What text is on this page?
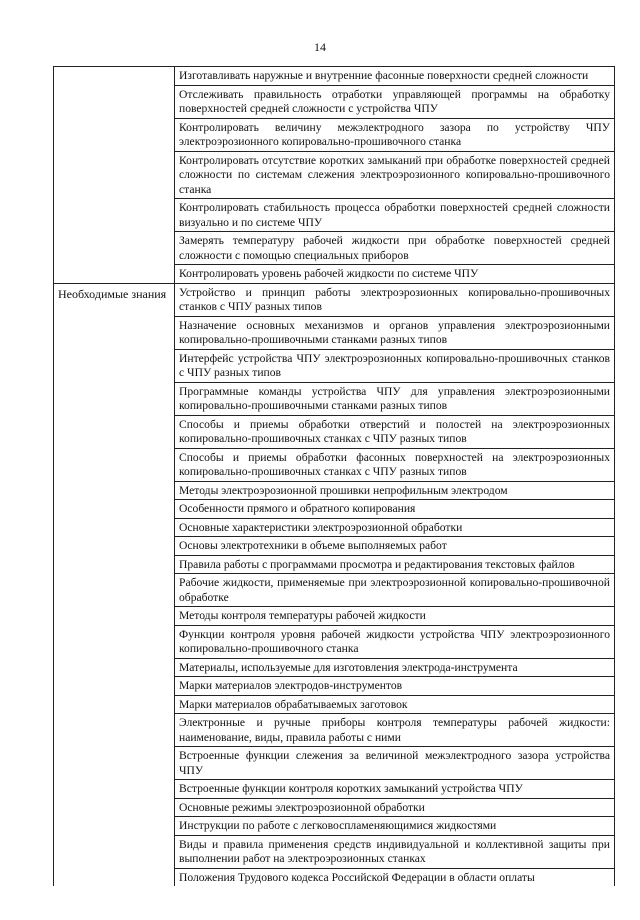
14
Изготавливать наружные и внутренние фасонные поверхности средней сложности
Отслеживать правильность отработки управляющей программы на обработку поверхностей средней сложности с устройства ЧПУ
Контролировать величину межэлектродного зазора по устройству ЧПУ электроэрозионного копировально-прошивочного станка
Контролировать отсутствие коротких замыканий при обработке поверхностей средней сложности по системам слежения электроэрозионного копировально-прошивочного станка
Контролировать стабильность процесса обработки поверхностей средней сложности визуально и по системе ЧПУ
Замерять температуру рабочей жидкости при обработке поверхностей средней сложности с помощью специальных приборов
Контролировать уровень рабочей жидкости по системе ЧПУ
Необходимые знания	Устройство и принцип работы электроэрозионных копировально-прошивочных станков с ЧПУ разных типов
Назначение основных механизмов и органов управления электроэрозионными копировально-прошивочными станками разных типов
Интерфейс устройства ЧПУ электроэрозионных копировально-прошивочных станков с ЧПУ разных типов
Программные команды устройства ЧПУ для управления электроэрозионными копировально-прошивочными станками разных типов
Способы и приемы обработки отверстий и полостей на электроэрозионных копировально-прошивочных станках с ЧПУ разных типов
Способы и приемы обработки фасонных поверхностей на электроэрозионных копировально-прошивочных станках с ЧПУ разных типов
Методы электроэрозионной прошивки непрофильным электродом
Особенности прямого и обратного копирования
Основные характеристики электроэрозионной обработки
Основы электротехники в объеме выполняемых работ
Правила работы с программами просмотра и редактирования текстовых файлов
Рабочие жидкости, применяемые при электроэрозионной копировально-прошивочной обработке
Методы контроля температуры рабочей жидкости
Функции контроля уровня рабочей жидкости устройства ЧПУ электроэрозионного копировально-прошивочного станка
Материалы, используемые для изготовления электрода-инструмента
Марки материалов электродов-инструментов
Марки материалов обрабатываемых заготовок
Электронные и ручные приборы контроля температуры рабочей жидкости: наименование, виды, правила работы с ними
Встроенные функции слежения за величиной межэлектродного зазора устройства ЧПУ
Встроенные функции контроля коротких замыканий устройства ЧПУ
Основные режимы электроэрозионной обработки
Инструкции по работе с легковоспламеняющимися жидкостями
Виды и правила применения средств индивидуальной и коллективной защиты при выполнении работ на электроэрозионных станках
Положения Трудового кодекса Российской Федерации в области оплаты
